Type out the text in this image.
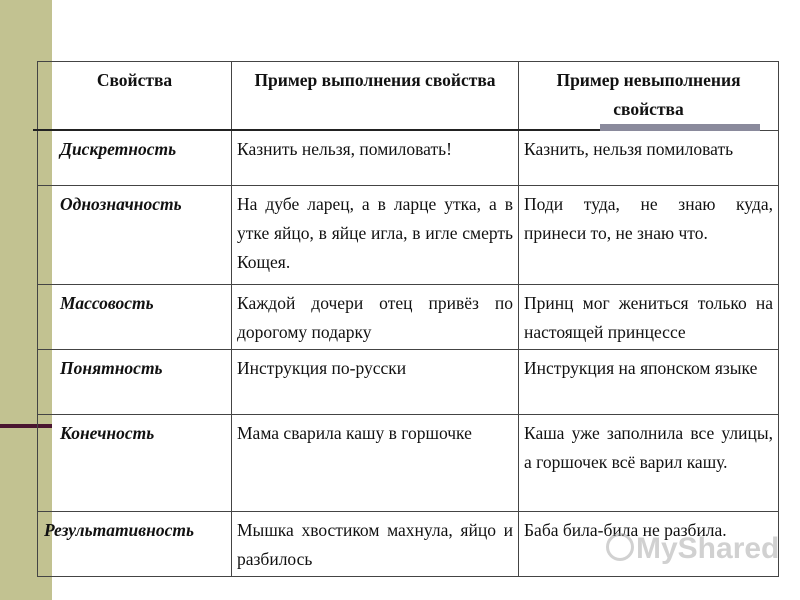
Свойства	Пример выполнения свойства	Пример невыполнения свойства
Дискретность	Казнить нельзя, помиловать!	Казнить, нельзя помиловать
Однозначность	На дубе ларец, а в ларце утка, а в утке яйцо, в яйце игла, в игле смерть Кощея.	Поди туда, не знаю куда, принеси то, не знаю что.
Массовость	Каждой дочери отец привёз по дорогому подарку	Принц мог жениться только на настоящей принцессе
Понятность	Инструкция по-русски	Инструкция на японском языке
Конечность	Мама сварила кашу в горшочке	Каша уже заполнила все улицы, а горшочек всё варил кашу.
Результативность	Мышка хвостиком махнула, яйцо и разбилось	Баба била-била не разбила.
MyShared
